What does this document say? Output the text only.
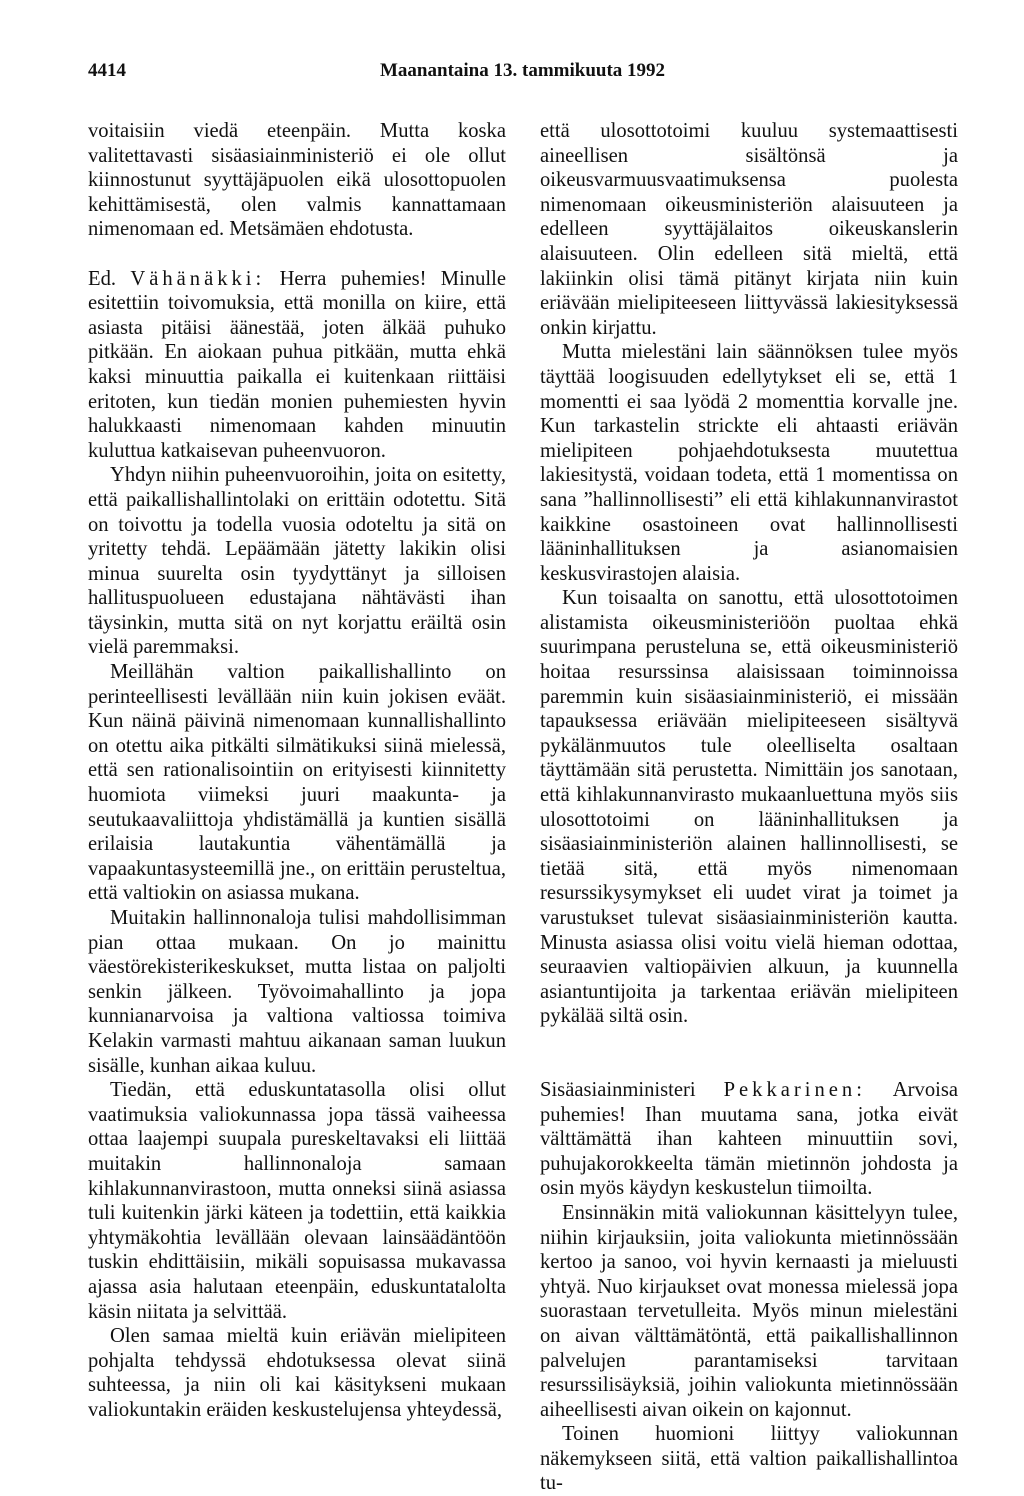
4414	Maanantaina 13. tammikuuta 1992

voitaisiin viedä eteenpäin. Mutta koska valitettavasti sisäasiainministeriö ei ole ollut kiinnostunut syyttäjäpuolen eikä ulosottopuolen kehittämisestä, olen valmis kannattamaan nimenomaan ed. Metsämäen ehdotusta.

Ed. Vähänäkki: Herra puhemies! Minulle esitettiin toivomuksia, että monilla on kiire, että asiasta pitäisi äänestää, joten älkää puhuko pitkään. En aiokaan puhua pitkään, mutta ehkä kaksi minuuttia paikalla ei kuitenkaan riittäisi eritoten, kun tiedän monien puhemiesten hyvin halukkaasti nimenomaan kahden minuutin kuluttua katkaisevan puheenvuoron.

Yhdyn niihin puheenvuoroihin, joita on esitetty, että paikallishallintolaki on erittäin odotettu. Sitä on toivottu ja todella vuosia odoteltu ja sitä on yritetty tehdä. Lepäämään jätetty lakikin olisi minua suurelta osin tyydyttänyt ja silloisen hallituspuolueen edustajana nähtävästi ihan täysinkin, mutta sitä on nyt korjattu eräiltä osin vielä paremmaksi.

Meillähän valtion paikallishallinto on perinteellisesti levällään niin kuin jokisen eväät. Kun näinä päivinä nimenomaan kunnallishallinto on otettu aika pitkälti silmätikuksi siinä mielessä, että sen rationalisointiin on erityisesti kiinnitetty huomiota viimeksi juuri maakunta- ja seutukaavaliittoja yhdistämällä ja kuntien sisällä erilaisia lautakuntia vähentämällä ja vapaakuntasysteemillä jne., on erittäin perusteltua, että valtiokin on asiassa mukana.

Muitakin hallinnonaloja tulisi mahdollisimman pian ottaa mukaan. On jo mainittu väestörekisterikeskukset, mutta listaa on paljolti senkin jälkeen. Työvoimahallinto ja jopa kunnianarvoisa ja valtiona valtiossa toimiva Kelakin varmasti mahtuu aikanaan saman luukun sisälle, kunhan aikaa kuluu.

Tiedän, että eduskuntatasolla olisi ollut vaatimuksia valiokunnassa jopa tässä vaiheessa ottaa laajempi suupala pureskeltavaksi eli liittää muitakin hallinnonaloja samaan kihlakunnanvirastoon, mutta onneksi siinä asiassa tuli kuitenkin järki käteen ja todettiin, että kaikkia yhtymäkohtia levällään olevaan lainsäädäntöön tuskin ehdittäisiin, mikäli sopuisassa mukavassa ajassa asia halutaan eteenpäin, eduskuntatalolta käsin niitata ja selvittää.

Olen samaa mieltä kuin eriävän mielipiteen pohjalta tehdyssä ehdotuksessa olevat siinä suhteessa, ja niin oli kai käsitykseni mukaan valiokuntakin eräiden keskustelujensa yhteydessä,

että ulosottotoimi kuuluu systemaattisesti aineellisen sisältönsä ja oikeusvarmuusvaatimuksensa puolesta nimenomaan oikeusministeriön alaisuuteen ja edelleen syyttäjälaitos oikeuskanslerin alaisuuteen. Olin edelleen sitä mieltä, että lakiinkin olisi tämä pitänyt kirjata niin kuin eriävään mielipiteeseen liittyvässä lakiesityksessä onkin kirjattu.

Mutta mielestäni lain säännöksen tulee myös täyttää loogisuuden edellytykset eli se, että 1 momentti ei saa lyödä 2 momenttia korvalle jne. Kun tarkastelin strickte eli ahtaasti eriävän mielipiteen pohjaehdotuksesta muutettua lakiesitystä, voidaan todeta, että 1 momentissa on sana ”hallinnollisesti” eli että kihlakunnanvirastot kaikkine osastoineen ovat hallinnollisesti lääninhallituksen ja asianomaisien keskusvirastojen alaisia.

Kun toisaalta on sanottu, että ulosottotoimen alistamista oikeusministeriöön puoltaa ehkä suurimpana perusteluna se, että oikeusministeriö hoitaa resurssinsa alaisissaan toiminnoissa paremmin kuin sisäasiainministeriö, ei missään tapauksessa eriävään mielipiteeseen sisältyvä pykälänmuutos tule oleelliselta osaltaan täyttämään sitä perustetta. Nimittäin jos sanotaan, että kihlakunnanvirasto mukaanluettuna myös siis ulosottotoimi on lääninhallituksen ja sisäasiainministeriön alainen hallinnollisesti, se tietää sitä, että myös nimenomaan resurssikysymykset eli uudet virat ja toimet ja varustukset tulevat sisäasiainministeriön kautta. Minusta asiassa olisi voitu vielä hieman odottaa, seuraavien valtiopäivien alkuun, ja kuunnella asiantuntijoita ja tarkentaa eriävän mielipiteen pykälää siltä osin.

Sisäasiainministeri Pekkarinen: Arvoisa puhemies! Ihan muutama sana, jotka eivät välttämättä ihan kahteen minuuttiin sovi, puhujakorokkeelta tämän mietinnön johdosta ja osin myös käydyn keskustelun tiimoilta.

Ensinnäkin mitä valiokunnan käsittelyyn tulee, niihin kirjauksiin, joita valiokunta mietinnössään kertoo ja sanoo, voi hyvin kernaasti ja mieluusti yhtyä. Nuo kirjaukset ovat monessa mielessä jopa suorastaan tervetulleita. Myös minun mielestäni on aivan välttämätöntä, että paikallishallinnon palvelujen parantamiseksi tarvitaan resurssilisäyksiä, joihin valiokunta mietinnössään aiheellisesti aivan oikein on kajonnut.

Toinen huomioni liittyy valiokunnan näkemykseen siitä, että valtion paikallishallintoa tu-
